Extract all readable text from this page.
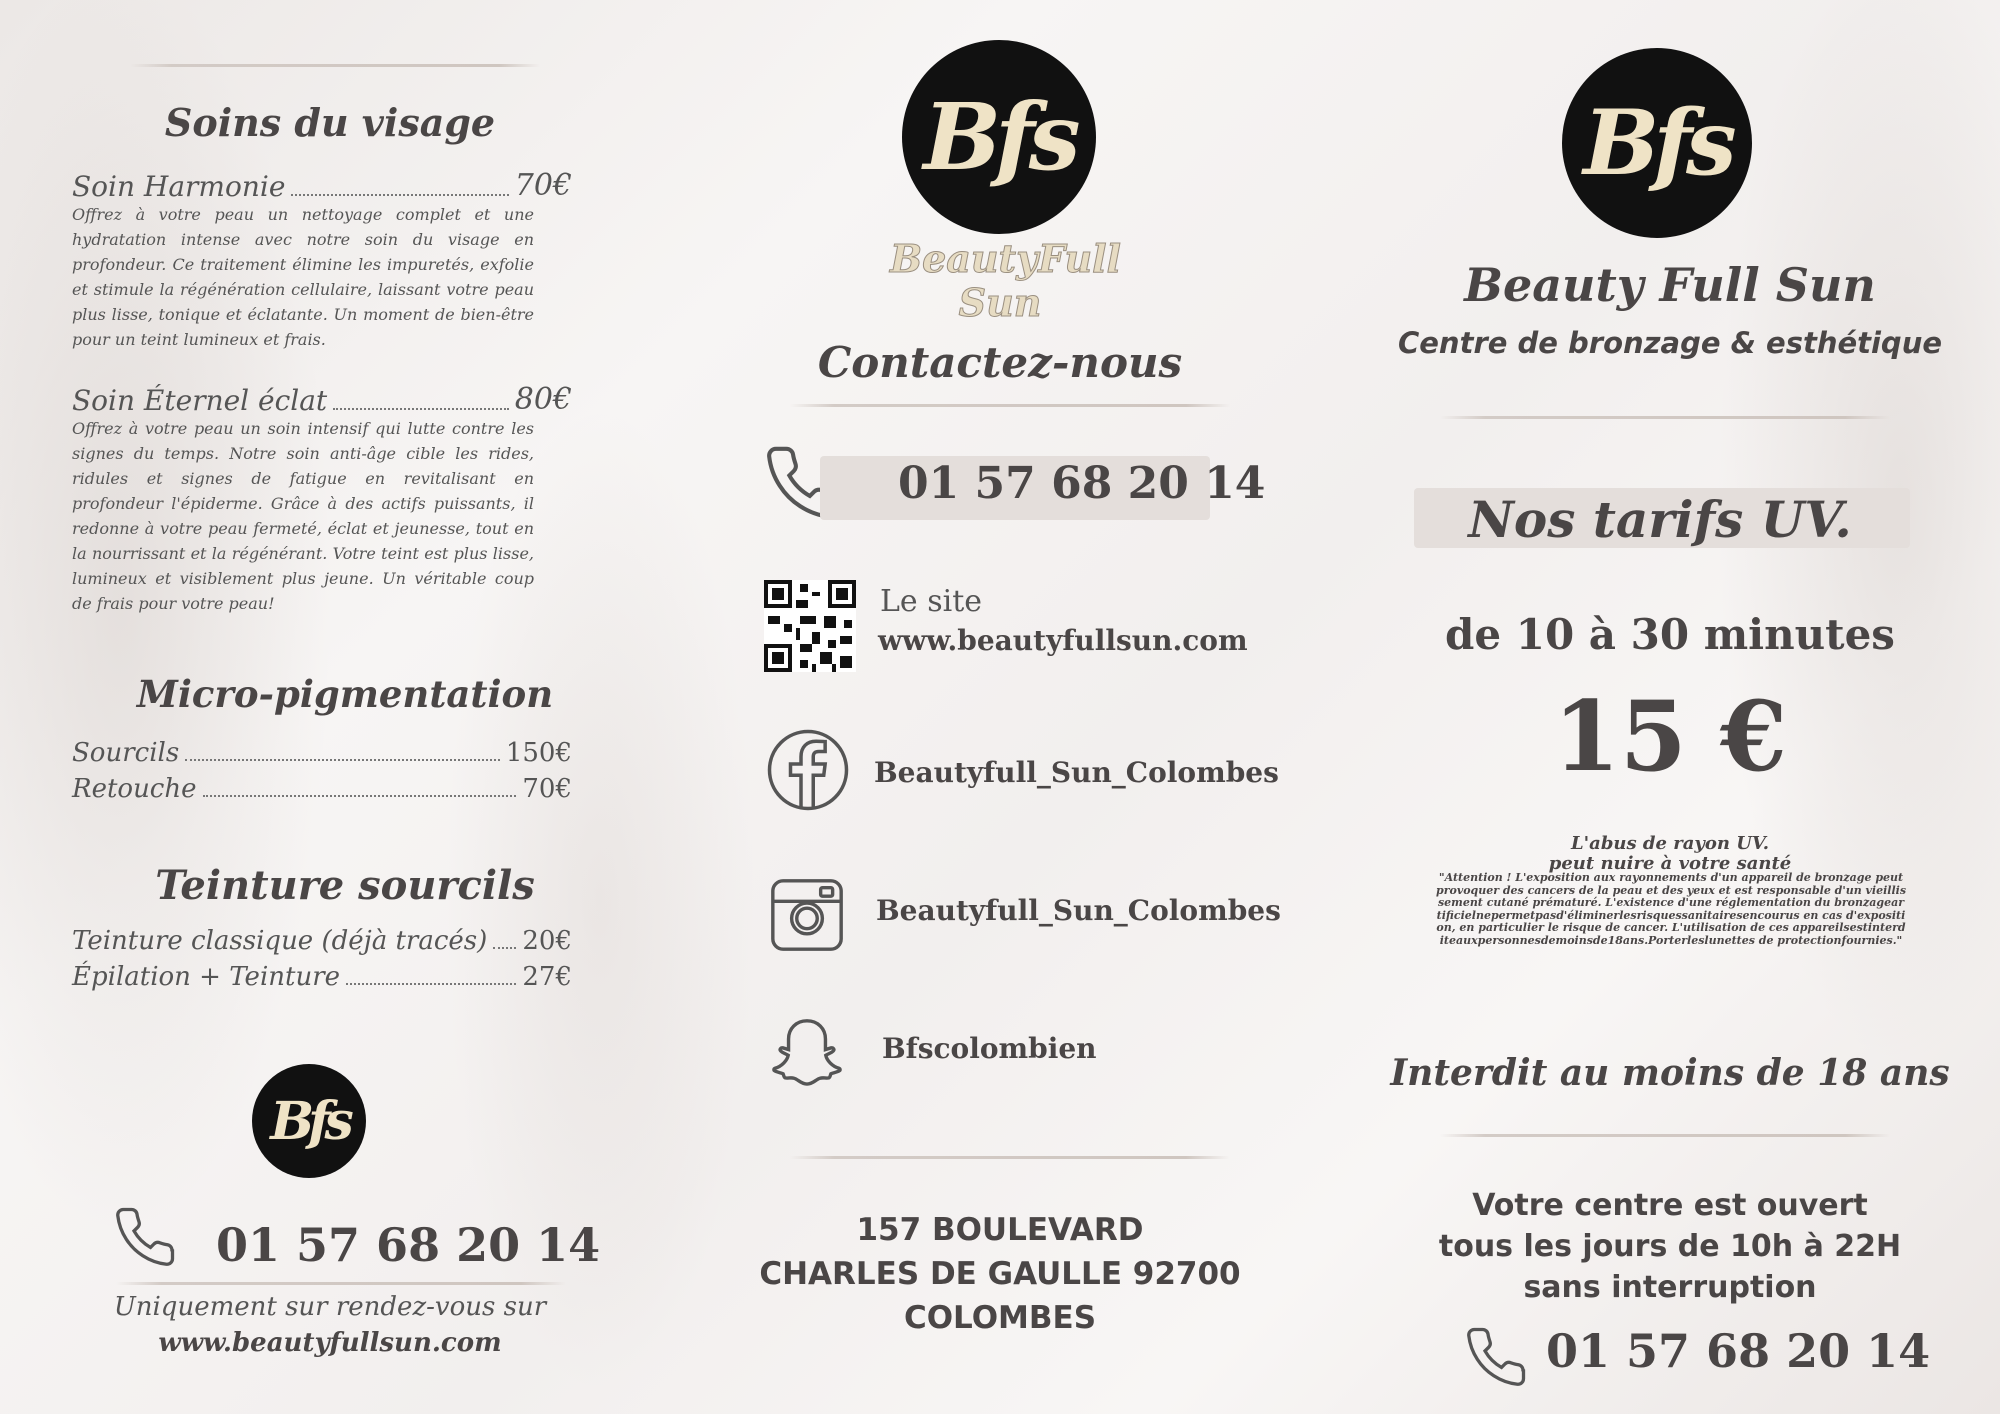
Soins du visage
Soin Harmonie	70€
Offrez à votre peau un nettoyage complet et une hydratation intense avec notre soin du visage en profondeur. Ce traitement élimine les impuretés, exfolie et stimule la régénération cellulaire, laissant votre peau plus lisse, tonique et éclatante. Un moment de bien-être pour un teint lumineux et frais.
Soin Éternel éclat	80€
Offrez à votre peau un soin intensif qui lutte contre les signes du temps. Notre soin anti-âge cible les rides, ridules et signes de fatigue en revitalisant en profondeur l'épiderme. Grâce à des actifs puissants, il redonne à votre peau fermeté, éclat et jeunesse, tout en la nourrissant et la régénérant. Votre teint est plus lisse, lumineux et visiblement plus jeune. Un véritable coup de frais pour votre peau!
Micro-pigmentation
Sourcils	150€
Retouche	70€
Teinture sourcils
Teinture classique (déjà tracés) 20€
Épilation + Teinture	27€
Bfs
01 57 68 20 14
Uniquement sur rendez-vous sur
www.beautyfullsun.com
Bfs
BeautyFull
Sun
Contactez-nous
01 57 68 20 14
Le site
www.beautyfullsun.com
Beautyfull_Sun_Colombes
Beautyfull_Sun_Colombes
Bfscolombien
157 BOULEVARD
CHARLES DE GAULLE 92700
COLOMBES
Bfs
Beauty Full Sun
Centre de bronzage & esthétique
Nos tarifs UV.
de 10 à 30 minutes
15 €
L'abus de rayon UV.
peut nuire à votre santé
"Attention ! L'exposition aux rayonnements d'un appareil de bronzage peut provoquer des cancers de la peau et des yeux et est responsable d'un vieillissement cutané prématuré. L'existence d'une réglementation du bronzageartificielnepermetpasd'éliminerlesrisquessanitairesencourus en cas d'exposition, en particulier le risque de cancer. L'utilisation de ces appareilsestinterditeauxpersonnesdemoinsde18ans.Porterleslunettes de protectionfournies."
Interdit au moins de 18 ans
Votre centre est ouvert
tous les jours de 10h à 22H
sans interruption
01 57 68 20 14
